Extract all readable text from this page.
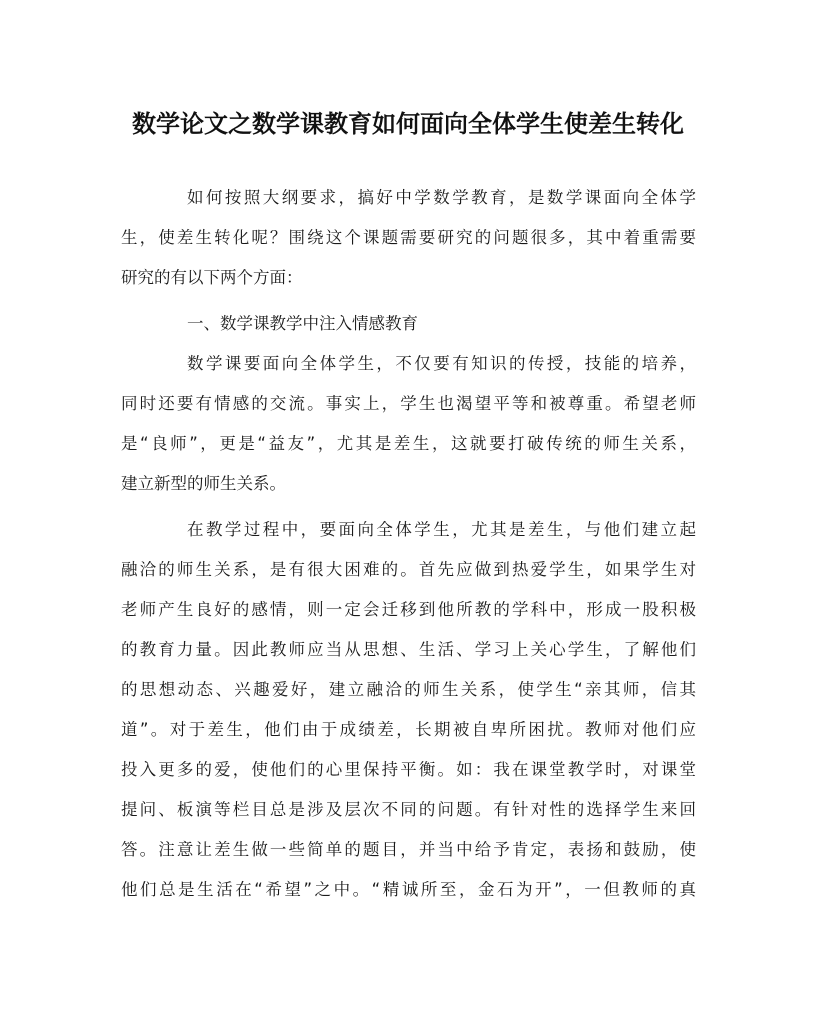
数学论文之数学课教育如何面向全体学生使差生转化
如何按照大纲要求，搞好中学数学教育，是数学课面向全体学
生，使差生转化呢？围绕这个课题需要研究的问题很多，其中着重需要
研究的有以下两个方面：
一、数学课教学中注入情感教育
数学课要面向全体学生，不仅要有知识的传授，技能的培养，
同时还要有情感的交流。事实上，学生也渴望平等和被尊重。希望老师
是“良师”，更是“益友”，尤其是差生，这就要打破传统的师生关系，
建立新型的师生关系。
在教学过程中，要面向全体学生，尤其是差生，与他们建立起
融洽的师生关系，是有很大困难的。首先应做到热爱学生，如果学生对
老师产生良好的感情，则一定会迁移到他所教的学科中，形成一股积极
的教育力量。因此教师应当从思想、生活、学习上关心学生，了解他们
的思想动态、兴趣爱好，建立融洽的师生关系，使学生“亲其师，信其
道”。对于差生，他们由于成绩差，长期被自卑所困扰。教师对他们应
投入更多的爱，使他们的心里保持平衡。如：我在课堂教学时，对课堂
提问、板演等栏目总是涉及层次不同的问题。有针对性的选择学生来回
答。注意让差生做一些简单的题目，并当中给予肯定，表扬和鼓励，使
他们总是生活在“希望”之中。“精诚所至，金石为开”，一但教师的真
